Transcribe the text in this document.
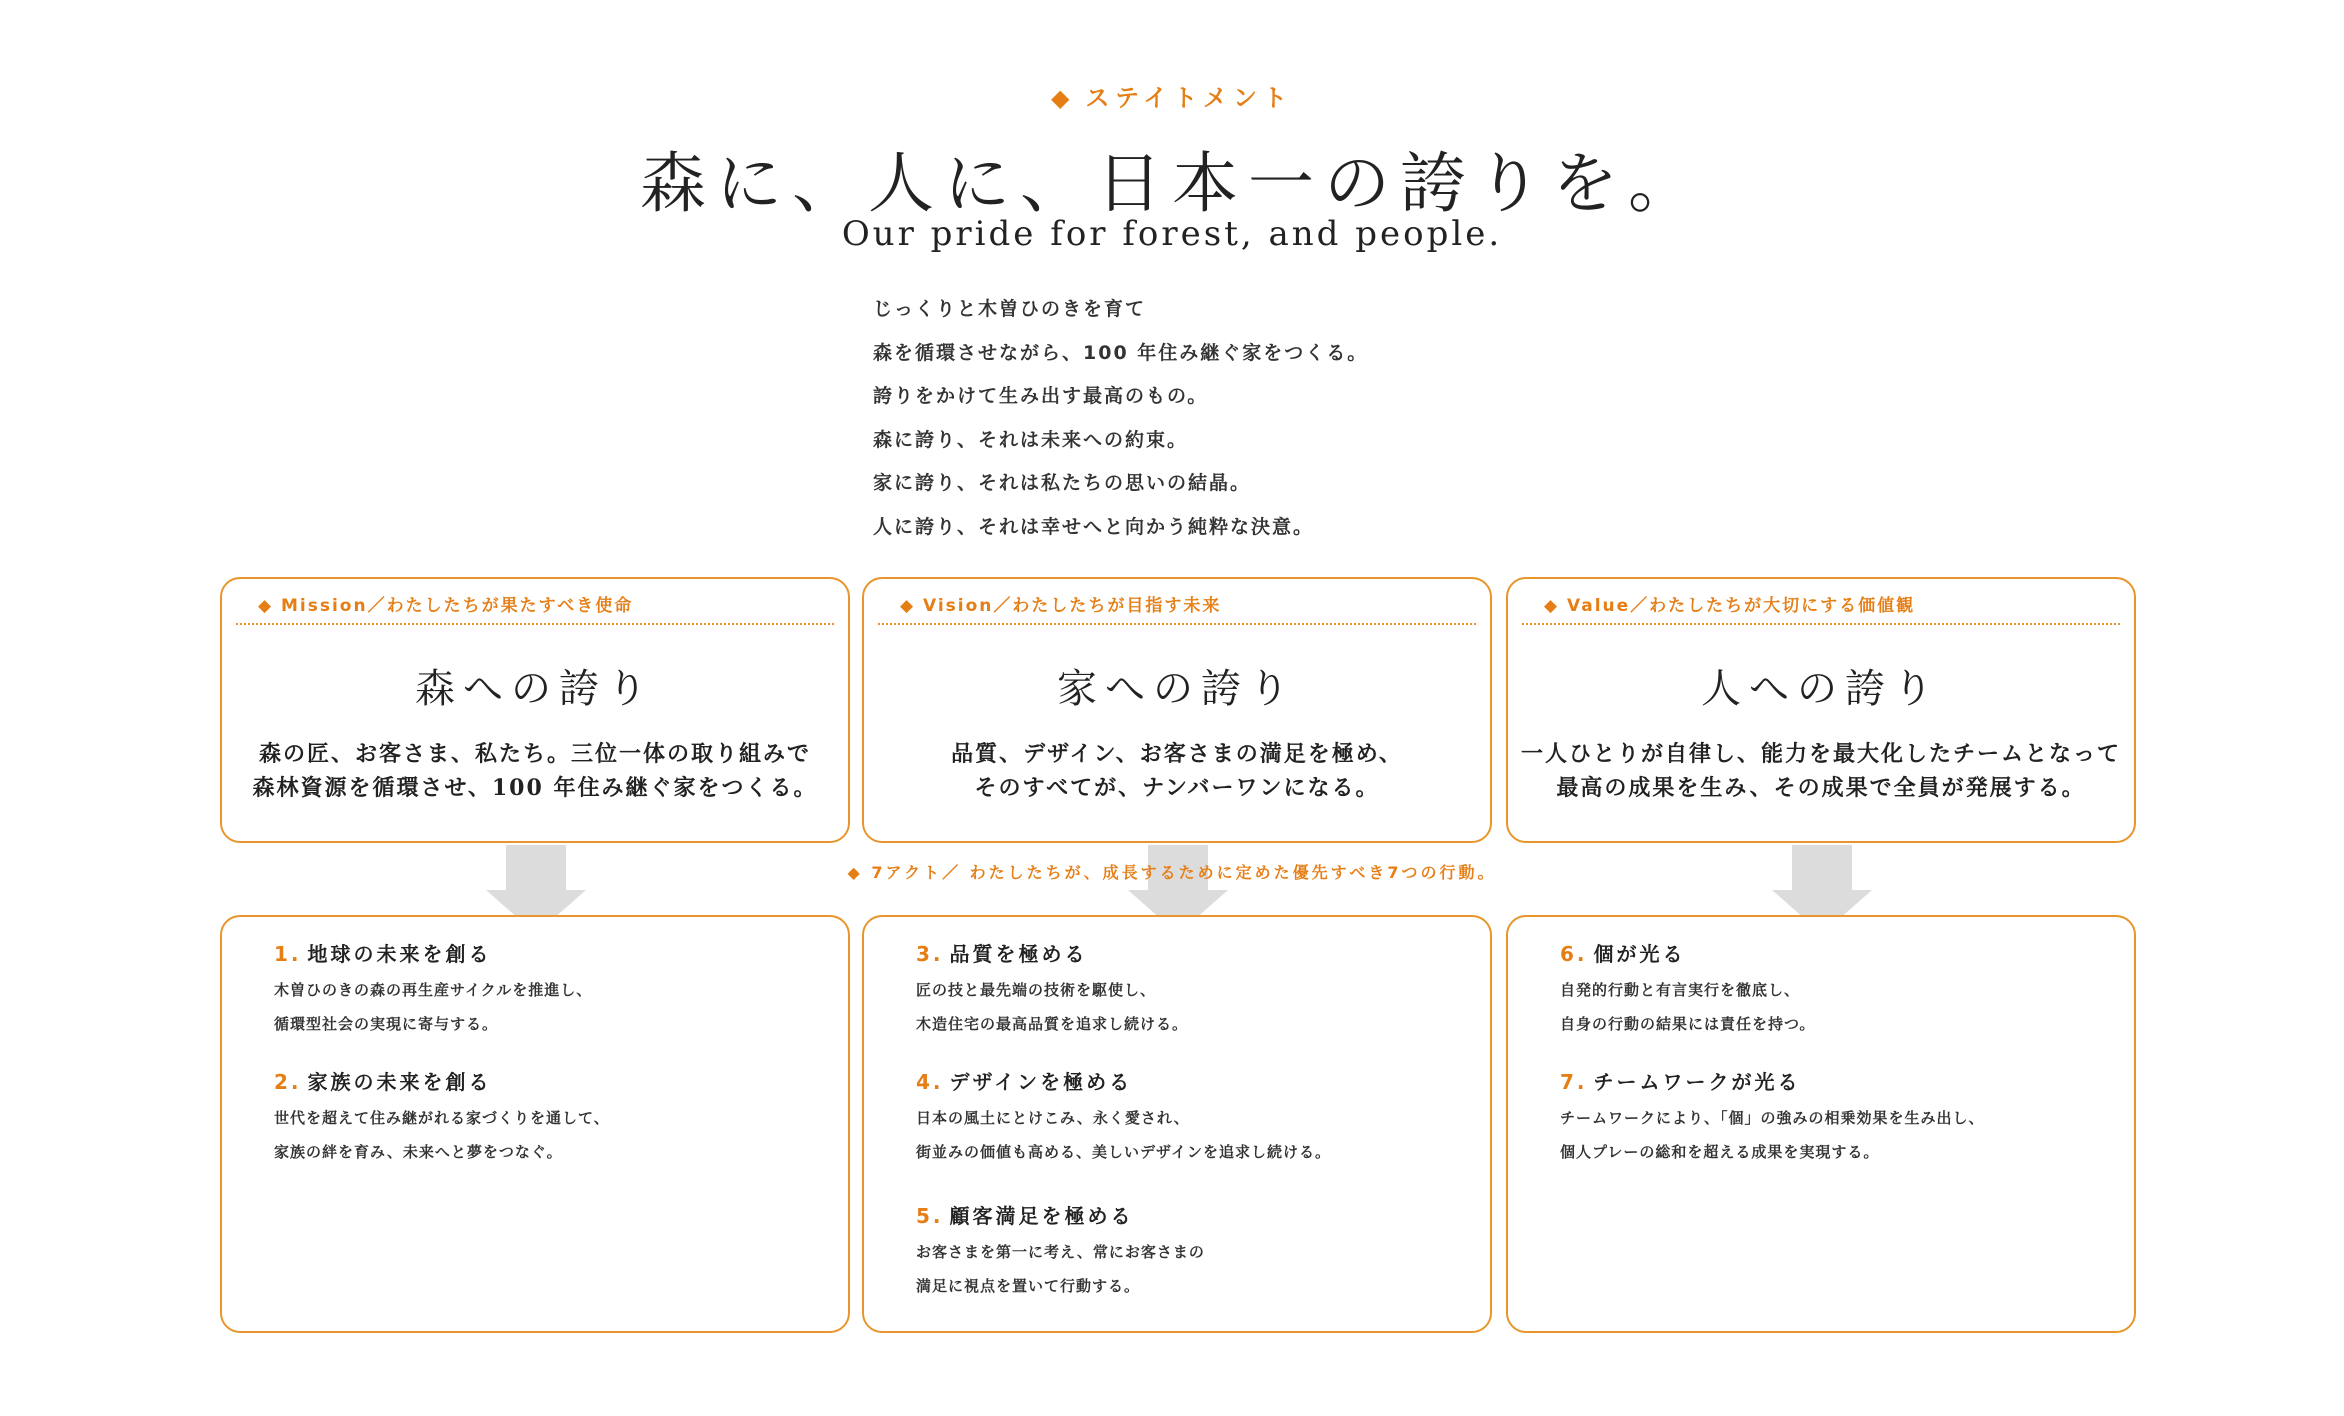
◆ ステイトメント
森に、人に、日本一の誇りを。
Our pride for forest, and people.
じっくりと木曽ひのきを育て
森を循環させながら、100 年住み継ぐ家をつくる。
誇りをかけて生み出す最高のもの。
森に誇り、それは未来への約束。
家に誇り、それは私たちの思いの結晶。
人に誇り、それは幸せへと向かう純粋な決意。
◆ Mission／わたしたちが果たすべき使命
森への誇り
森の匠、お客さま、私たち。三位一体の取り組みで
森林資源を循環させ、100 年住み継ぐ家をつくる。
◆ Vision／わたしたちが目指す未来
家への誇り
品質、デザイン、お客さまの満足を極め、
そのすべてが、ナンバーワンになる。
◆ Value／わたしたちが大切にする価値観
人への誇り
一人ひとりが自律し、能力を最大化したチームとなって
最高の成果を生み、その成果で全員が発展する。
◆ 7アクト／ わたしたちが、成長するために定めた優先すべき7つの行動。
1. 地球の未来を創る
木曽ひのきの森の再生産サイクルを推進し、
循環型社会の実現に寄与する。
2. 家族の未来を創る
世代を超えて住み継がれる家づくりを通して、
家族の絆を育み、未来へと夢をつなぐ。
3. 品質を極める
匠の技と最先端の技術を駆使し、
木造住宅の最高品質を追求し続ける。
4. デザインを極める
日本の風土にとけこみ、永く愛され、
街並みの価値も高める、美しいデザインを追求し続ける。
5. 顧客満足を極める
お客さまを第一に考え、常にお客さまの
満足に視点を置いて行動する。
6. 個が光る
自発的行動と有言実行を徹底し、
自身の行動の結果には責任を持つ。
7. チームワークが光る
チームワークにより、「個」の強みの相乗効果を生み出し、
個人プレーの総和を超える成果を実現する。
